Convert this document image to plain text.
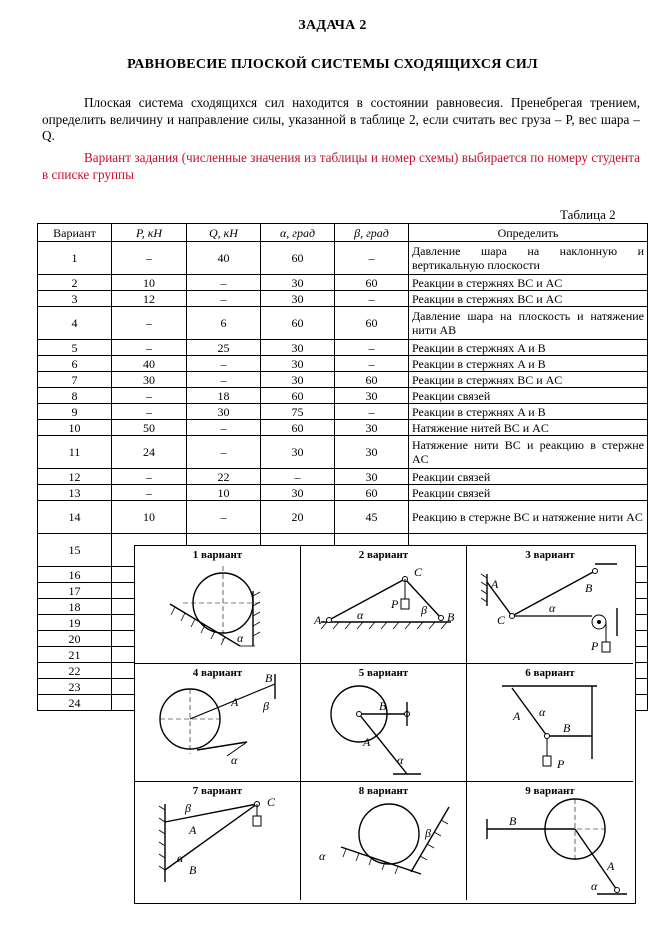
ЗАДАЧА 2
РАВНОВЕСИЕ ПЛОСКОЙ СИСТЕМЫ СХОДЯЩИХСЯ СИЛ
Плоская система сходящихся сил находится в состоянии равновесия. Пренебрегая трением, определить величину и направление силы, указанной в таблице 2, если считать вес груза – P, вес шара – Q.
Вариант задания (численные значения из таблицы и номер схемы) выбирается по номеру студента в списке группы
Таблица 2
Вариант	P, кН	Q, кН	α, град	β, град	Определить
1	–	40	60	–	Давление шара на наклонную и вертикальную плоскости
2	10	–	30	60	Реакции в стержнях BC и AC
3	12	–	30	–	Реакции в стержнях BC и AC
4	–	6	60	60	Давление шара на плоскость и натяжение нити AB
5	–	25	30	–	Реакции в стержнях A и B
6	40	–	30	–	Реакции в стержнях A и B
7	30	–	30	60	Реакции в стержнях BC и AC
8	–	18	60	30	Реакции связей
9	–	30	75	–	Реакции в стержнях A и B
10	50	–	60	30	Натяжение нитей BC и AC
11	24	–	30	30	Натяжение нити BC и реакцию в стержне AC
12	–	22	–	30	Реакции связей
13	–	10	30	60	Реакции связей
14	10	–	20	45	Реакцию в стержне BC и натяжение нити AC
15					
16					
17					
18					
19					
20					
21					
22					
23					
24					
1 вариант
α
2 вариант
C
A	B
P
α	β
3 вариант
A
C
B
α
P
4 вариант
A
B
β
α
5 вариант
B
A
α
6 вариант
A
B
α
P
7 вариант
C
A
B
β
α
8 вариант
α
β
9 вариант
B
A
α
